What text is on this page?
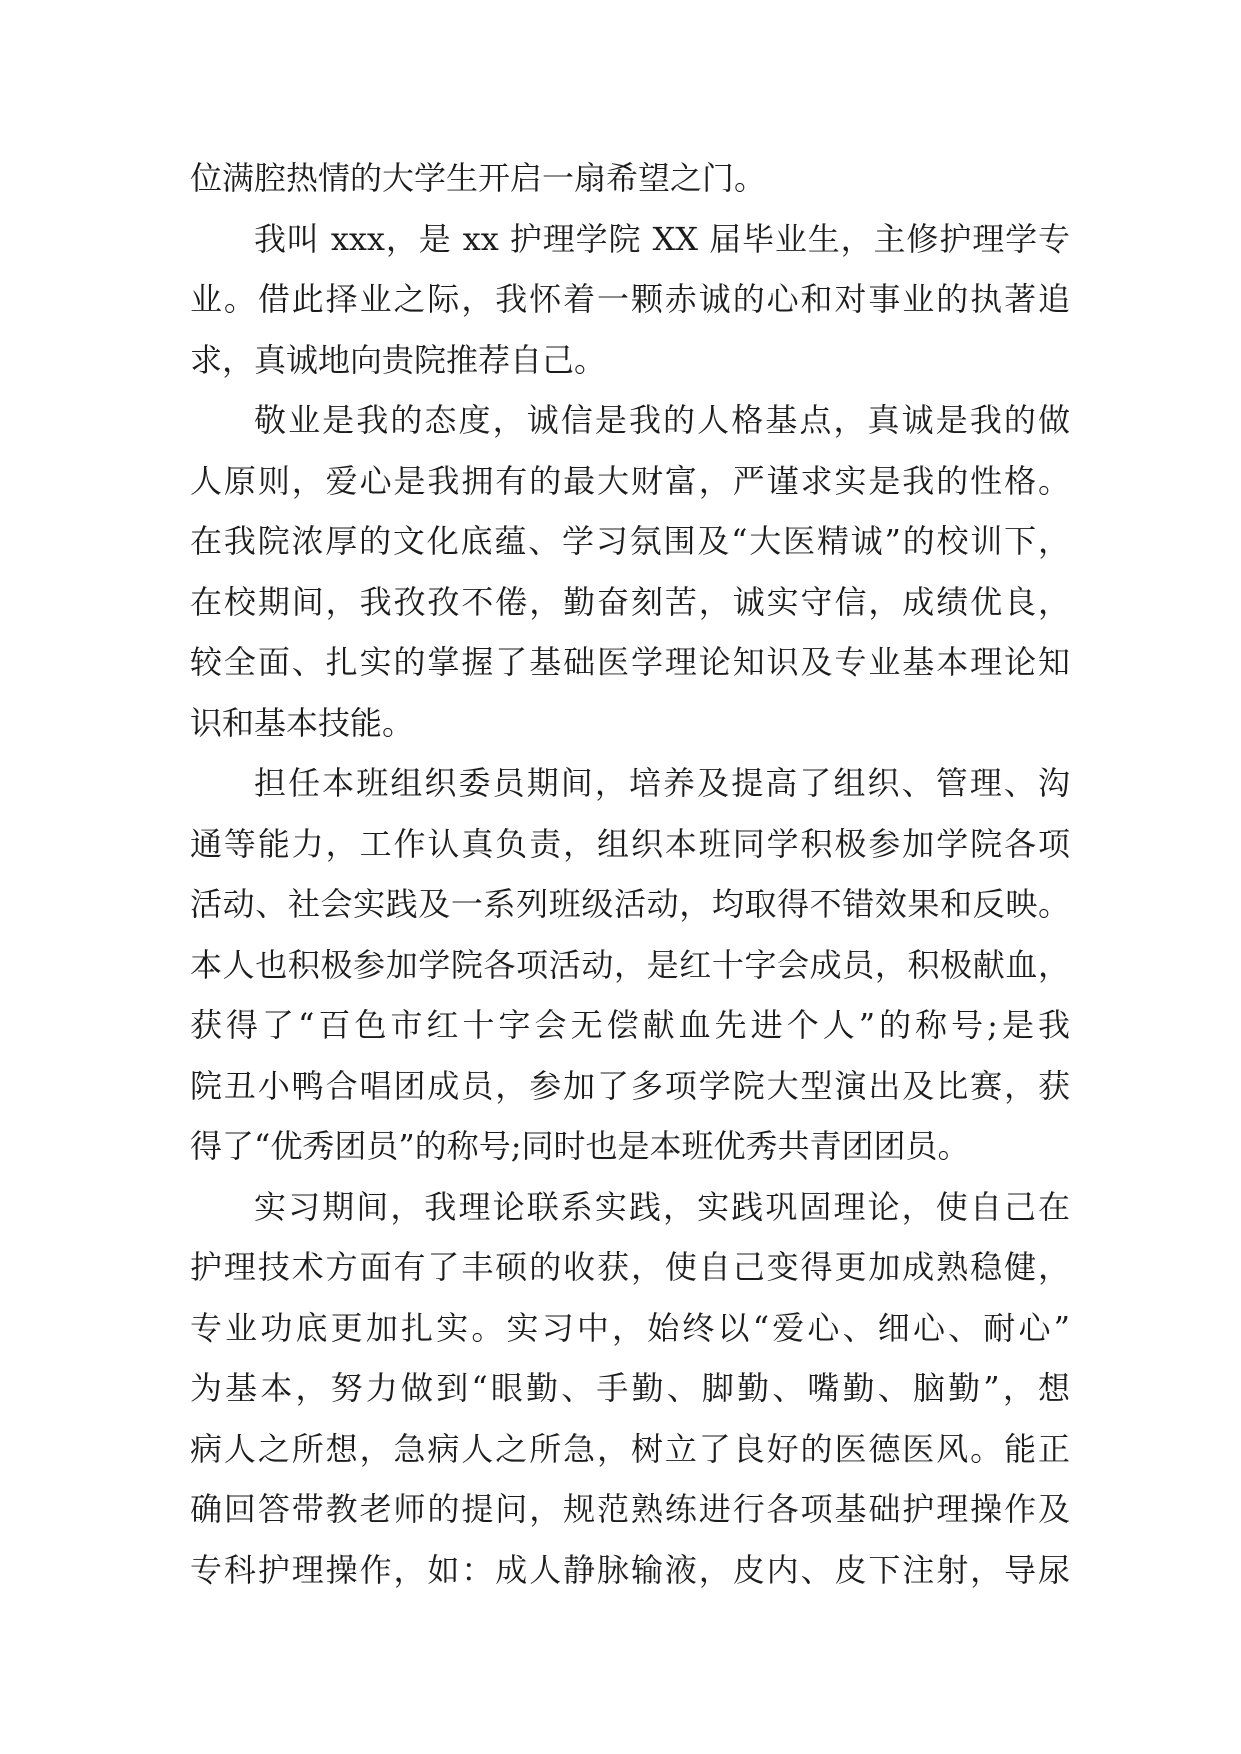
位满腔热情的大学生开启一扇希望之门。
我叫 xxx，是 xx 护理学院 XX 届毕业生，主修护理学专
业。借此择业之际，我怀着一颗赤诚的心和对事业的执著追
求，真诚地向贵院推荐自己。
敬业是我的态度，诚信是我的人格基点，真诚是我的做
人原则，爱心是我拥有的最大财富，严谨求实是我的性格。
在我院浓厚的文化底蕴、学习氛围及“大医精诚”的校训下，
在校期间，我孜孜不倦，勤奋刻苦，诚实守信，成绩优良，
较全面、扎实的掌握了基础医学理论知识及专业基本理论知
识和基本技能。
担任本班组织委员期间，培养及提高了组织、管理、沟
通等能力，工作认真负责，组织本班同学积极参加学院各项
活动、社会实践及一系列班级活动，均取得不错效果和反映。
本人也积极参加学院各项活动，是红十字会成员，积极献血，
获得了“百色市红十字会无偿献血先进个人”的称号;是我
院丑小鸭合唱团成员，参加了多项学院大型演出及比赛，获
得了“优秀团员”的称号;同时也是本班优秀共青团团员。
实习期间，我理论联系实践，实践巩固理论，使自己在
护理技术方面有了丰硕的收获，使自己变得更加成熟稳健，
专业功底更加扎实。实习中，始终以“爱心、细心、耐心”
为基本，努力做到“眼勤、手勤、脚勤、嘴勤、脑勤”，想
病人之所想，急病人之所急，树立了良好的医德医风。能正
确回答带教老师的提问，规范熟练进行各项基础护理操作及
专科护理操作，如：成人静脉输液，皮内、皮下注射，导尿
